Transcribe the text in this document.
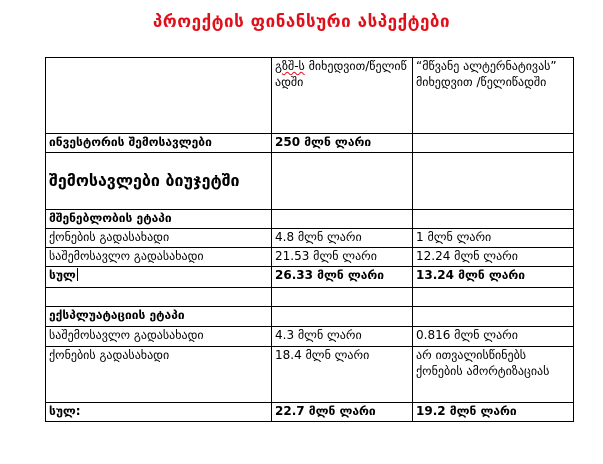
პროექტის ფინანსური ასპექტები
	გზშ-ს მიხედვით/წელიწ ადში	“მწვანე ალტერნატივას” მიხედვით /წელიწადში
ინვესტორის შემოსავლები	250 მლნ ლარი	
შემოსავლები ბიუჯეტში		
მშენებლობის ეტაპი		
ქონების გადასახადი	4.8 მლნ ლარი	1 მლნ ლარი
საშემოსავლო გადასახადი	21.53 მლნ ლარი	12.24 მლნ ლარი
სულ	26.33 მლნ ლარი	13.24 მლნ ლარი

ექსპლუატაციის ეტაპი		
საშემოსავლო გადასახადი	4.3 მლნ ლარი	0.816 მლნ ლარი
ქონების გადასახადი	18.4 მლნ ლარი	არ ითვალისწინებს ქონების ამორტიზაციას
სულ:	22.7 მლნ ლარი	19.2 მლნ ლარი
